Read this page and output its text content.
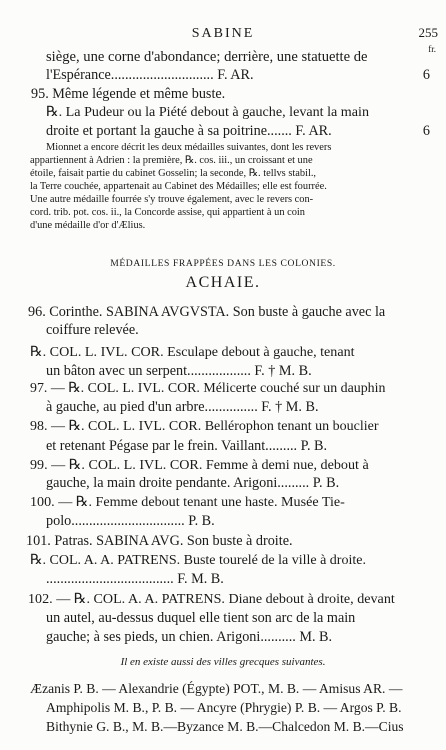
SABINE	255
fr.
siège, une corne d'abondance; derrière, une statuette de
l'Espérance............................. F. AR.	6
95. Même légende et même buste.
℞. La Pudeur ou la Piété debout à gauche, levant la main
droite et portant la gauche à sa poitrine....... F. AR.	6
Mionnet a encore décrit les deux médailles suivantes, dont les revers
appartiennent à Adrien : la première, ℞. cos. iii., un croissant et une
étoile, faisait partie du cabinet Gosselin; la seconde, ℞. tellvs stabil.,
la Terre couchée, appartenait au Cabinet des Médailles; elle est fourrée.
Une autre médaille fourrée s'y trouve également, avec le revers con-
cord. trib. pot. cos. ii., la Concorde assise, qui appartient à un coin
d'une médaille d'or d'Ælius.
MÉDAILLES FRAPPÉES DANS LES COLONIES.
ACHAIE.
96. Corinthe. SABINA AVGVSTA. Son buste à gauche avec la
coiffure relevée.
℞. COL. L. IVL. COR. Esculape debout à gauche, tenant
un bâton avec un serpent.................. F. † M. B.
97. — ℞. COL. L. IVL. COR. Mélicerte couché sur un dauphin
à gauche, au pied d'un arbre............... F. † M. B.
98. — ℞. COL. L. IVL. COR. Bellérophon tenant un bouclier
et retenant Pégase par le frein. Vaillant......... P. B.
99. — ℞. COL. L. IVL. COR. Femme à demi nue, debout à
gauche, la main droite pendante. Arigoni......... P. B.
100. — ℞. Femme debout tenant une haste. Musée Tie-
polo................................ P. B.
101. Patras. SABINA AVG. Son buste à droite.
℞. COL. A. A. PATRENS. Buste tourelé de la ville à droite.
.................................... F. M. B.
102. — ℞. COL. A. A. PATRENS. Diane debout à droite, devant
un autel, au-dessus duquel elle tient son arc de la main
gauche; à ses pieds, un chien. Arigoni.......... M. B.
Il en existe aussi des villes grecques suivantes.
Æzanis P. B. — Alexandrie (Égypte) POT., M. B. — Amisus AR. —
Amphipolis M. B., P. B. — Ancyre (Phrygie) P. B. — Argos P. B.
Bithynie G. B., M. B.—Byzance M. B.—Chalcedon M. B.—Cius
